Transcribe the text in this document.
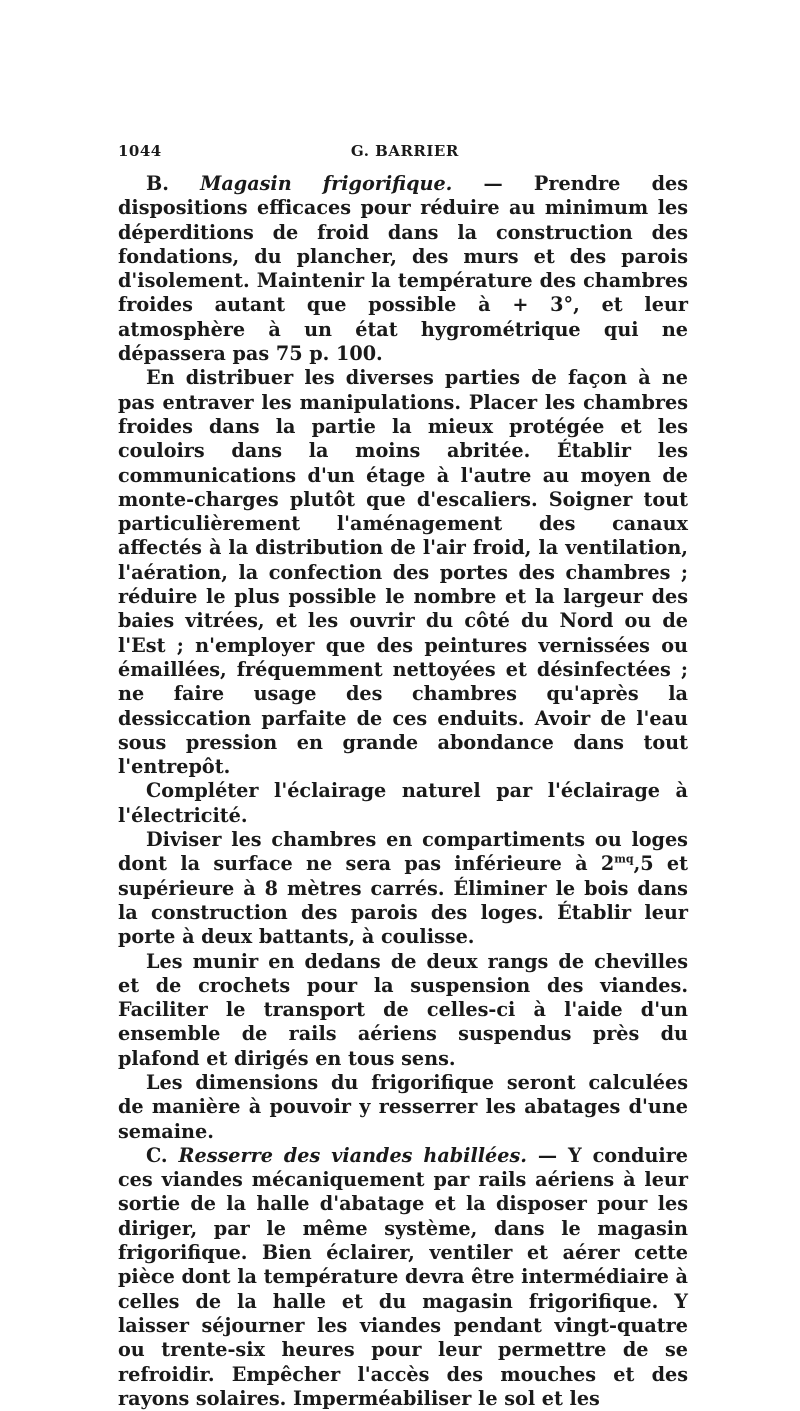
1044	G. BARRIER

B. Magasin frigorifique. — Prendre des dispositions efficaces pour réduire au minimum les déperditions de froid dans la construction des fondations, du plancher, des murs et des parois d'isolement. Maintenir la température des chambres froides autant que possible à + 3°, et leur atmosphère à un état hygrométrique qui ne dépassera pas 75 p. 100.

En distribuer les diverses parties de façon à ne pas entraver les manipulations. Placer les chambres froides dans la partie la mieux protégée et les couloirs dans la moins abritée. Établir les communications d'un étage à l'autre au moyen de monte-charges plutôt que d'escaliers. Soigner tout particulièrement l'aménagement des canaux affectés à la distribution de l'air froid, la ventilation, l'aération, la confection des portes des chambres ; réduire le plus possible le nombre et la largeur des baies vitrées, et les ouvrir du côté du Nord ou de l'Est ; n'employer que des peintures vernissées ou émaillées, fréquemment nettoyées et désinfectées ; ne faire usage des chambres qu'après la dessiccation parfaite de ces enduits. Avoir de l'eau sous pression en grande abondance dans tout l'entrepôt.

Compléter l'éclairage naturel par l'éclairage à l'électricité.

Diviser les chambres en compartiments ou loges dont la surface ne sera pas inférieure à $2^{mq},5$ et supérieure à 8 mètres carrés. Éliminer le bois dans la construction des parois des loges. Établir leur porte à deux battants, à coulisse.

Les munir en dedans de deux rangs de chevilles et de crochets pour la suspension des viandes. Faciliter le transport de celles-ci à l'aide d'un ensemble de rails aériens suspendus près du plafond et dirigés en tous sens.

Les dimensions du frigorifique seront calculées de manière à pouvoir y resserrer les abatages d'une semaine.

C. Resserre des viandes habillées. — Y conduire ces viandes mécaniquement par rails aériens à leur sortie de la halle d'abatage et la disposer pour les diriger, par le même système, dans le magasin frigorifique. Bien éclairer, ventiler et aérer cette pièce dont la température devra être intermédiaire à celles de la halle et du magasin frigorifique. Y laisser séjourner les viandes pendant vingt-quatre ou trente-six heures pour leur permettre de se refroidir. Empêcher l'accès des mouches et des rayons solaires. Imperméabiliser le sol et les
